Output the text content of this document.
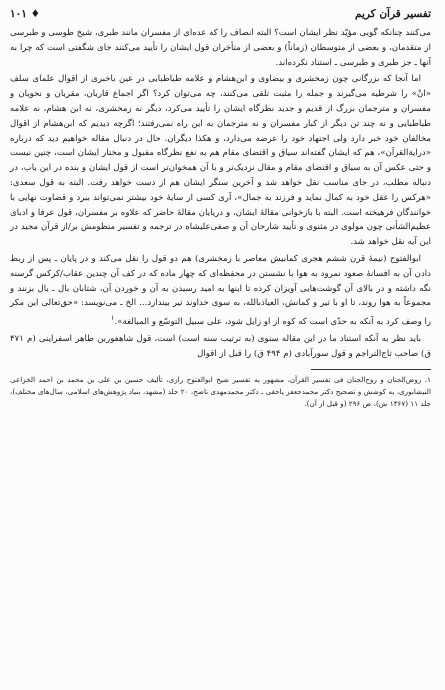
تفسیر قرآن کریم
۱۰۱ ♦

می‌کنند چنانکه گویی مؤیّد نظر ایشان است؟ البته انصاف را که عده‌ای از مفسران مانند طبری، شیخ طوسی و طبرسی از متقدمان، و بعضی از متوسطان (زماناً) و بعضی از متأخران قول ایشان را تأیید می‌کنند جای شگفتی است که چرا به آنها ـ جز طبری و طبرسی ـ استناد نکرده‌اند.

اما آنجا که بزرگانی چون زمخشری و بیضاوی و ابن‌هشام و علامه طباطبایی در عین باخبری از اقوال علمای سلف «انْ» را شرطیه می‌گیرند و جمله را مثبت تلقی می‌کنند، چه می‌توان کرد؟ اگر اجماع قاریان، مقریان و نحویان و مفسران و مترجمان بزرگ از قدیم و جدید نظرگاه ایشان را تأیید می‌کرد، دیگر نه زمخشری، نه ابن هشام، نه علامه طباطبایی و نه چند تن دیگر از کبار مفسران و نه مترجمان به این راه نمی‌رفتند؛ اگرچه دیدیم که ابن‌هشام از اقوال مخالفان خود خبر دارد ولی اجتهاد خود را عرضه می‌دارد، و هکذا دیگران. حال در دنبال مقاله خواهیم دید که درباره «درایةالقرآن»، هم که ایشان گفته‌اند سیاق و اقتضای مقام هم به نفع نظرگاه مقبول و مختار ایشان است، چنین نیست و حتی عکس آن به سیاق و اقتضای مقام و مقال نزدیک‌تر و با آن همخوان‌تر است از قول ایشان و بنده در این باب، در دنباله مطلب، در جای مناسب نقل خواهد شد و آخرین سنگر ایشان هم از دست خواهد رفت. البته به قول سعدی: «هرکس را عقل خود به کمال نماید و فرزند به جمال»، آری کسی از سایهٔ خود بیشتر نمی‌تواند ببرد و قضاوت نهایی با خوانندگان فرهیخته است. البته با بازخوانی مقالهٔ ایشان، و دریایان مقالهٔ حاضر که علاوه بر مفسران، قول عرفا و ادبای عظیم‌الشأنی چون مولوی در مثنوی و تأیید شارحان آن و صفی‌علیشاه در ترجمه و تفسیر منظومش بر/از قرآن مجید در این آیه نقل خواهد شد.

ابوالفتوح (نیمهٔ قرن ششم هجری کمابیش معاصر با زمخشری) هم دو قول را نقل می‌کند و در پایان ـ پس از ربط دادن آن به افسانهٔ صعود نمرود به هوا با نشستن در محفظه‌ای که چهار ماده که در کف آن چندین عقاب/کرکس گرسنه نگه داشته و در بالای آن گوشت‌هایی آویزان کرده تا اینها به امید رسیدن به آن و خوردن آن، شتابان بال ـ بال بزنند و مجموعاً به هوا روند، تا او با تیر و کمانش، العیاذبالله، به سوی خداوند تیر بیندازد... الخ ـ می‌نویسد: «حق‌تعالی این مکر را وصف کرد به آنکه به حدّی است که کوه از او زایل شود، علی سبیل التوسّع و المبالغة».$^۱$

باید نظر به آنکه استناد ما در این مقاله سنوی (به ترتیب سنه است) است، قول شاهفوربن طاهر اسفراینی (م ۴۷۱ ق) صاحب تاج‌التراجم و قول سورآبادی (م ۴۹۴ ق) را قبل از اقوال

۱. روض‌الجنان و روح‌الجنان فی تفسیر القرآن، مشهور به تفسیر شیخ ابوالفتوح رازی، تألیف حسین بن علی بن محمد بن احمد الخزاعی النیشابوری، به کوشش و تصحیح دکتر محمدجعفر یاحقی ـ دکتر محمدمهدی ناصح، ۲۰ جلد (مشهد، بنیاد پژوهش‌های اسلامی، سال‌های مختلف)، جلد ۱۱ (۱۳۶۷ ش)، ص ۲۹۶ (و قبل از آن).
